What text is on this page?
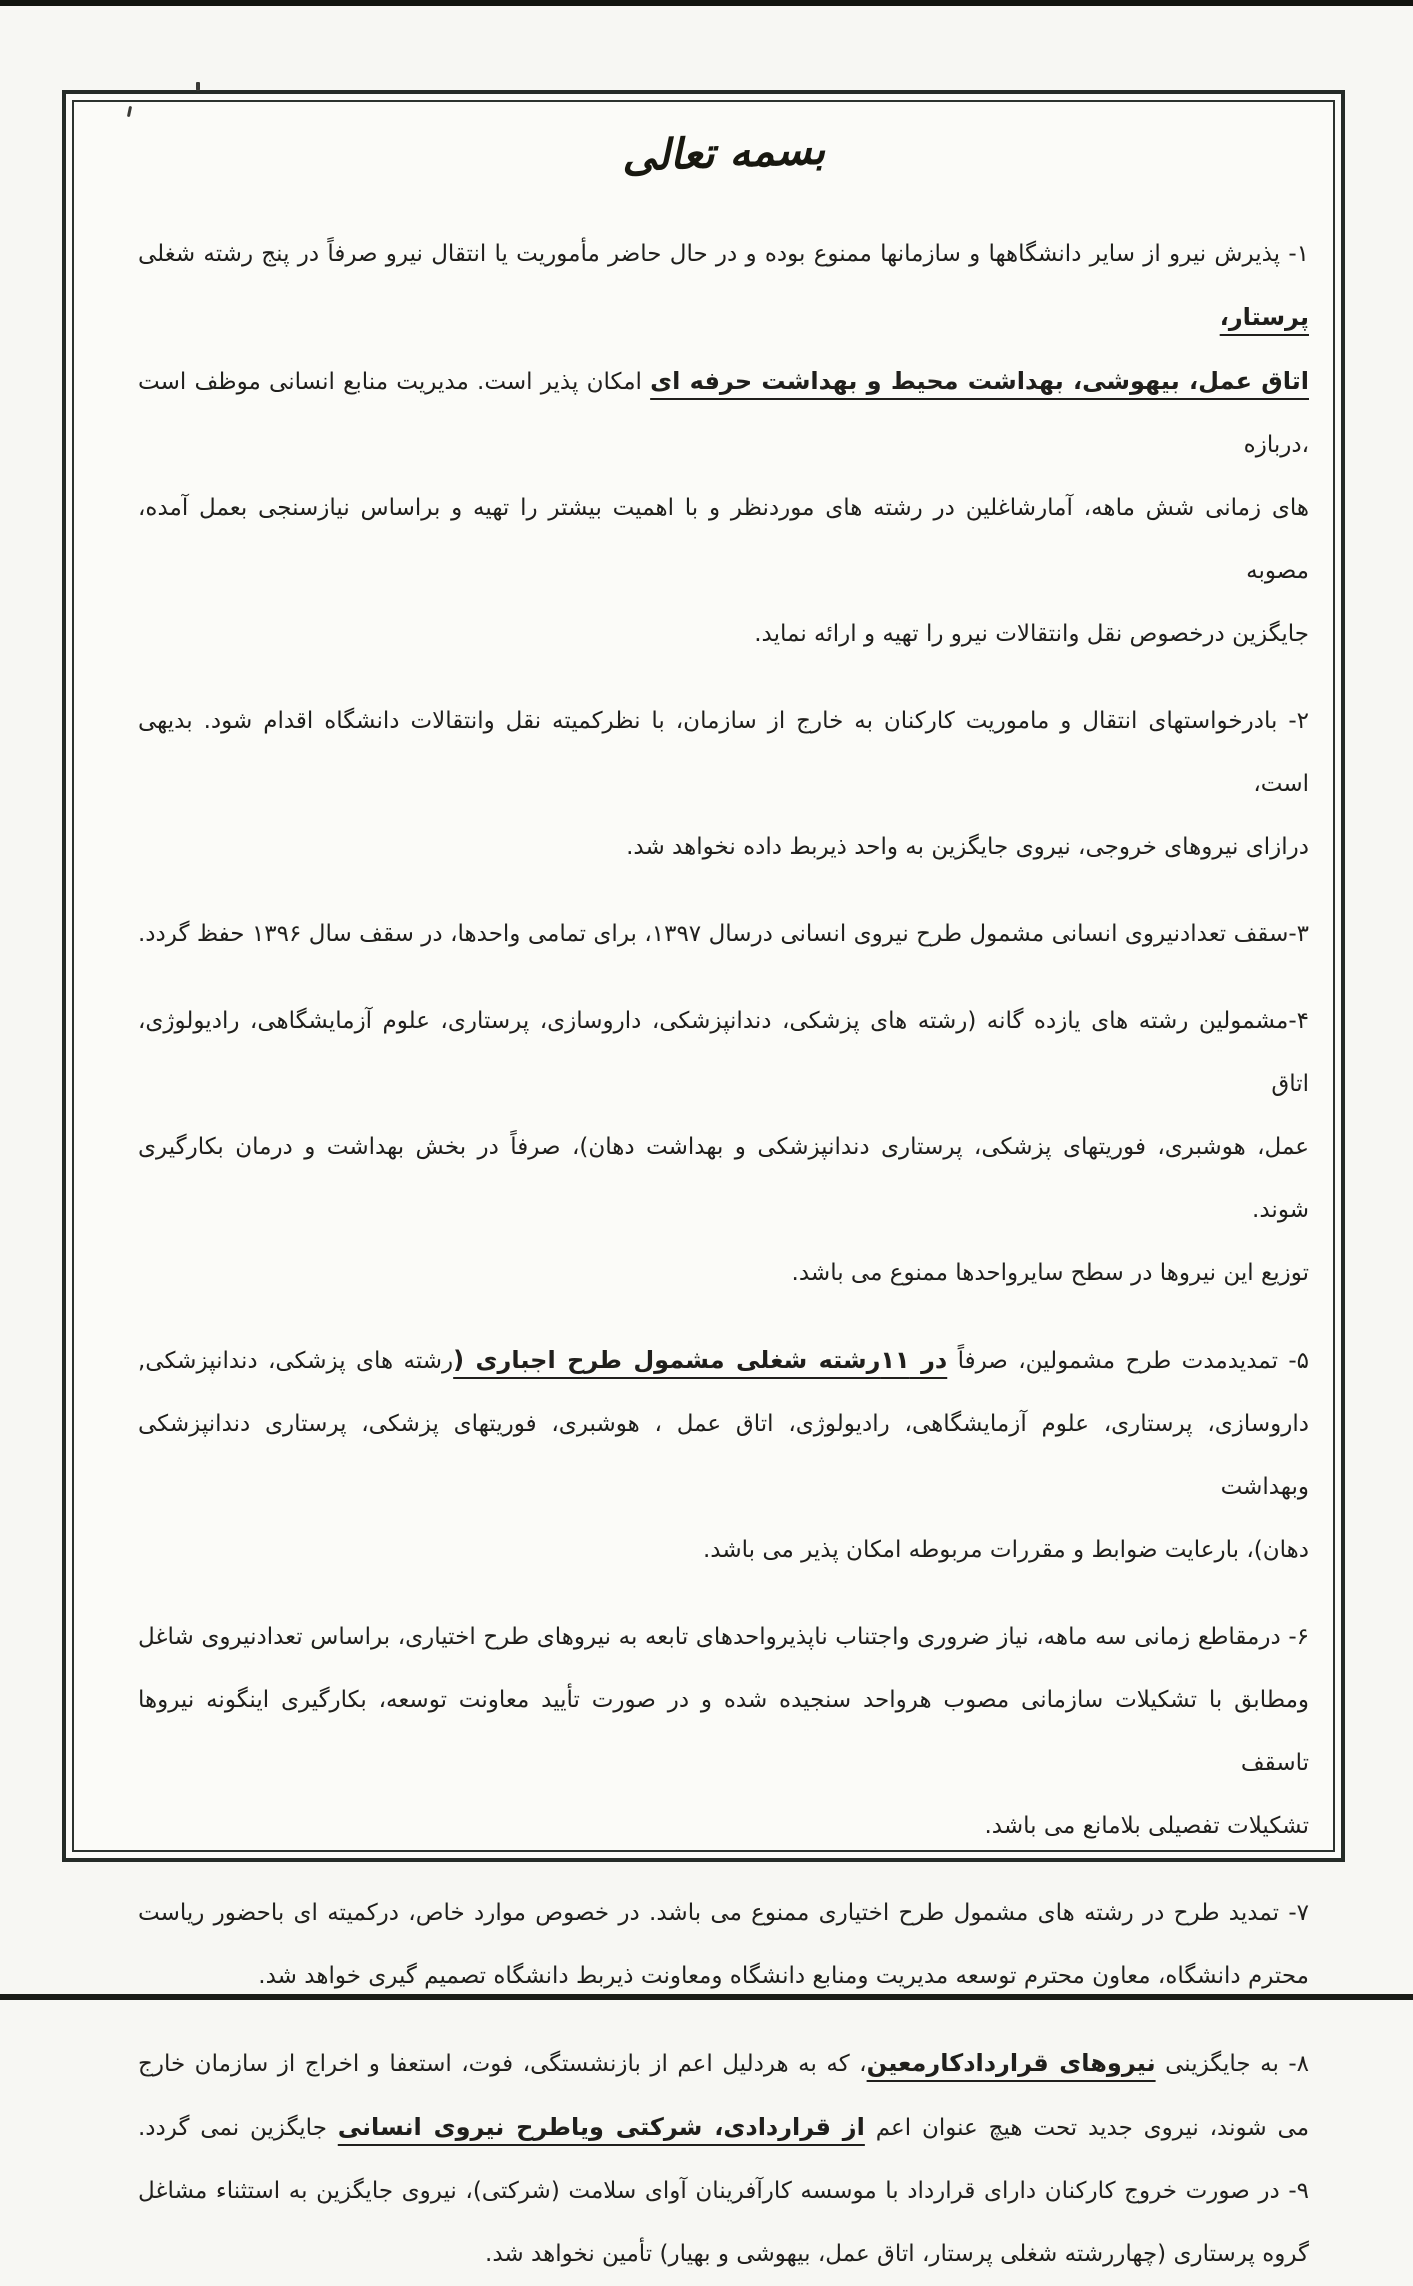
بسمه تعالی
۱- پذیرش نیرو از سایر دانشگاهها و سازمانها ممنوع بوده و در حال حاضر مأموریت یا انتقال نیرو صرفاً در پنج رشته شغلی پرستار،
اتاق عمل، بیهوشی، بهداشت محیط و بهداشت حرفه ای امکان پذیر است. مدیریت منابع انسانی موظف است ،دربازه
های زمانی شش ماهه، آمارشاغلین در رشته های موردنظر و با اهمیت بیشتر را تهیه و براساس نیازسنجی بعمل آمده، مصوبه
جایگزین درخصوص نقل وانتقالات نیرو را تهیه و ارائه نماید.
۲- بادرخواستهای انتقال و ماموریت کارکنان به خارج از سازمان، با نظرکمیته نقل وانتقالات دانشگاه اقدام شود. بدیهی است،
درازای نیروهای خروجی، نیروی جایگزین به واحد ذیربط داده نخواهد شد.
۳-سقف تعدادنیروی انسانی مشمول طرح نیروی انسانی درسال ۱۳۹۷، برای تمامی واحدها، در سقف سال ۱۳۹۶ حفظ گردد.
۴-مشمولین رشته های یازده گانه (رشته های پزشکی، دندانپزشکی، داروسازی، پرستاری، علوم آزمایشگاهی، رادیولوژی، اتاق
عمل، هوشبری، فوریتهای پزشکی، پرستاری دندانپزشکی و بهداشت دهان)، صرفاً در بخش بهداشت و درمان بکارگیری شوند.
توزیع این نیروها در سطح سایرواحدها ممنوع می باشد.
۵- تمدیدمدت طرح مشمولین، صرفاً در ۱۱رشته شغلی مشمول طرح اجباری (رشته های پزشکی، دندانپزشکی,
داروسازی، پرستاری، علوم آزمایشگاهی، رادیولوژی، اتاق عمل ، هوشبری، فوریتهای پزشکی، پرستاری دندانپزشکی وبهداشت
دهان)، بارعایت ضوابط و مقررات مربوطه امکان پذیر می باشد.
۶- درمقاطع زمانی سه ماهه، نیاز ضروری واجتناب ناپذیرواحدهای تابعه به نیروهای طرح اختیاری، براساس تعدادنیروی شاغل
ومطابق با تشکیلات سازمانی مصوب هرواحد سنجیده شده و در صورت تأیید معاونت توسعه، بکارگیری اینگونه نیروها تاسقف
تشکیلات تفصیلی بلامانع می باشد.
۷- تمدید طرح در رشته های مشمول طرح اختیاری ممنوع می باشد. در خصوص موارد خاص، درکمیته ای باحضور ریاست
محترم دانشگاه، معاون محترم توسعه مدیریت ومنابع دانشگاه ومعاونت ذیربط دانشگاه تصمیم گیری خواهد شد.
۸- به جایگزینی نیروهای قراردادکارمعین، که به هردلیل اعم از بازنشستگی، فوت، استعفا و اخراج از سازمان خارج
می شوند، نیروی جدید تحت هیچ عنوان اعم از قراردادی، شرکتی ویاطرح نیروی انسانی جایگزین نمی گردد.
۹- در صورت خروج کارکنان دارای قرارداد با موسسه کارآفرینان آوای سلامت (شرکتی)، نیروی جایگزین به استثناء مشاغل
گروه پرستاری (چهاررشته شغلی پرستار، اتاق عمل، بیهوشی و بهیار) تأمین نخواهد شد.
